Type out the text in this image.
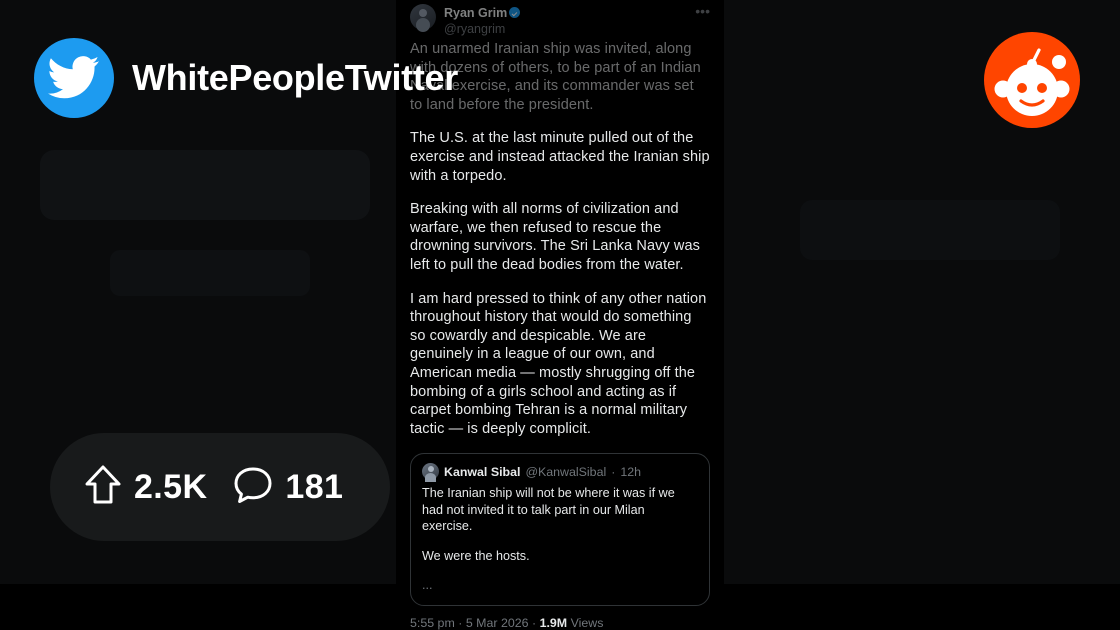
Ryan Grim
@ryangrim
•••

An unarmed Iranian ship was invited, along with dozens of others, to be part of an Indian Naval exercise, and its commander was set to land before the president.

The U.S. at the last minute pulled out of the exercise and instead attacked the Iranian ship with a torpedo.

Breaking with all norms of civilization and warfare, we then refused to rescue the drowning survivors. The Sri Lanka Navy was left to pull the dead bodies from the water.

I am hard pressed to think of any other nation throughout history that would do something so cowardly and despicable. We are genuinely in a league of our own, and American media — mostly shrugging off the bombing of a girls school and acting as if carpet bombing Tehran is a normal military tactic — is deeply complicit.

Kanwal Sibal @KanwalSibal · 12h

The Iranian ship will not be where it was if we had not invited it to talk part in our Milan exercise.

We were the hosts.

...
5:55 pm · 5 Mar 2026 · 1.9M Views
WhitePeopleTwitter
2.5K 181
